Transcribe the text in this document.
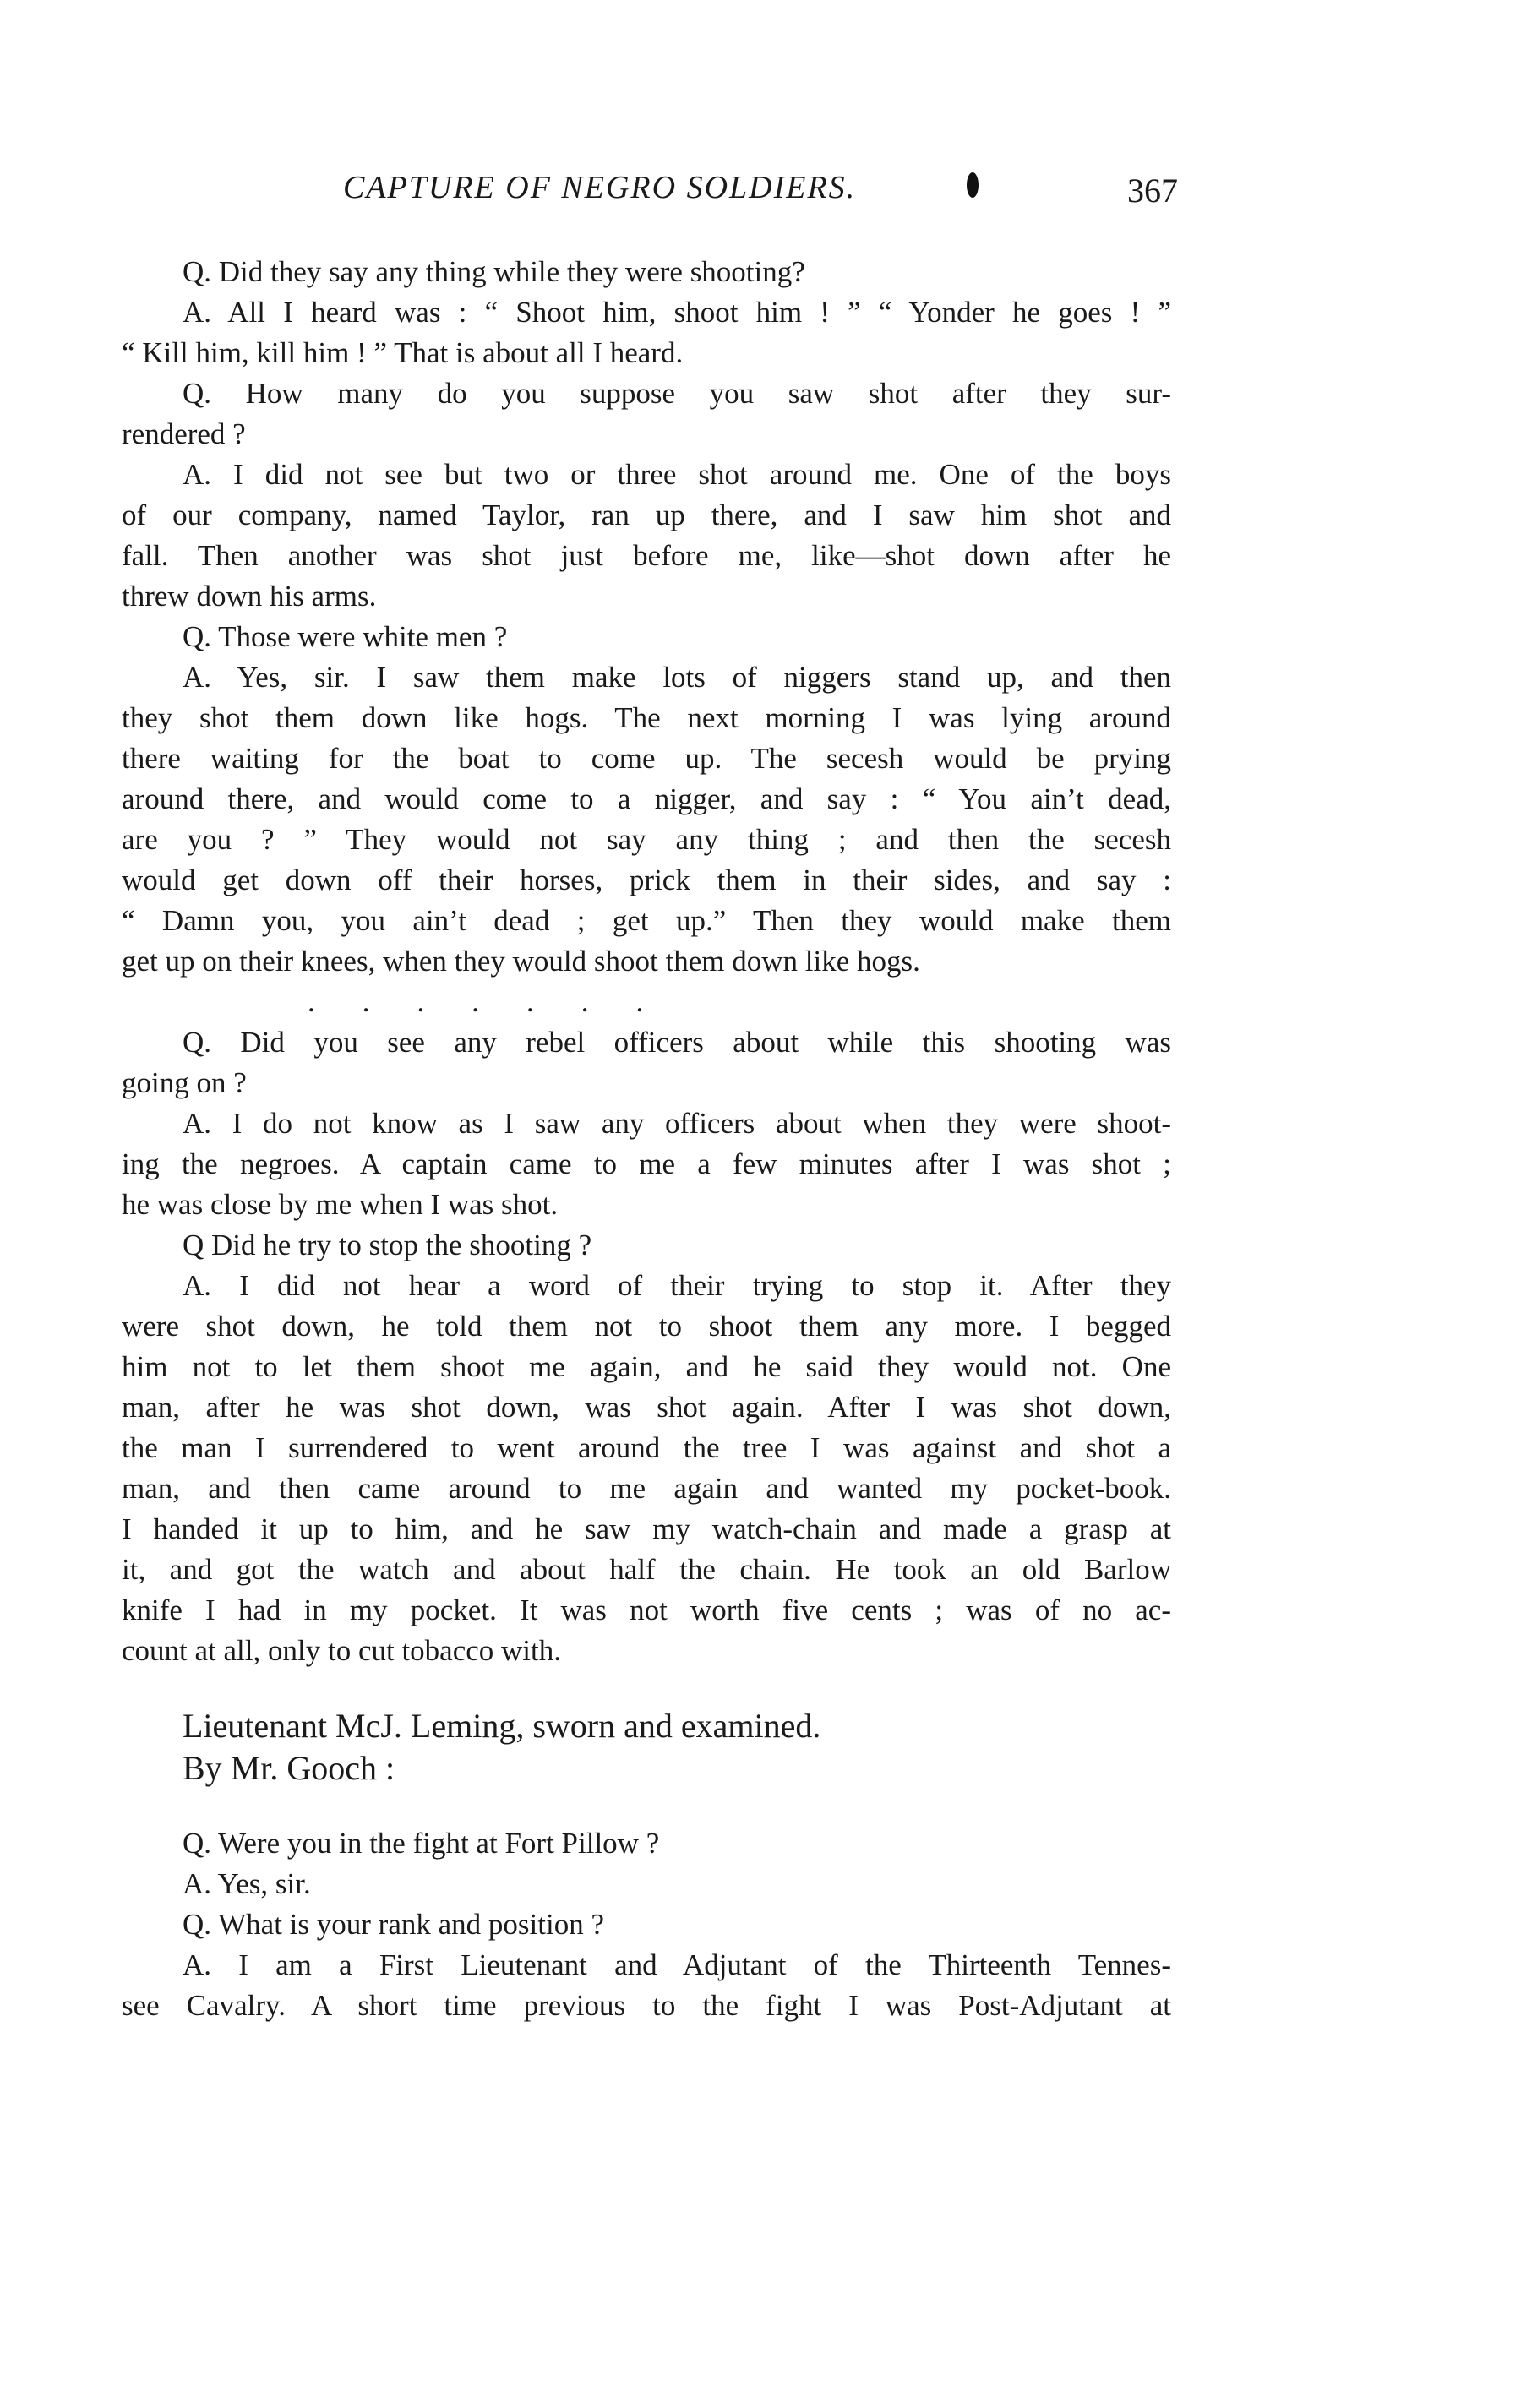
CAPTURE OF NEGRO SOLDIERS.	367
Q. Did they say any thing while they were shooting?
A. All I heard was : “ Shoot him, shoot him ! ” “ Yonder he goes ! ”
“ Kill him, kill him ! ” That is about all I heard.
Q. How many do you suppose you saw shot after they sur-
rendered ?
A. I did not see but two or three shot around me. One of the boys
of our company, named Taylor, ran up there, and I saw him shot and
fall. Then another was shot just before me, like—shot down after he
threw down his arms.
Q. Those were white men ?
A. Yes, sir. I saw them make lots of niggers stand up, and then
they shot them down like hogs. The next morning I was lying around
there waiting for the boat to come up. The secesh would be prying
around there, and would come to a nigger, and say : “ You ain’t dead,
are you ? ” They would not say any thing ; and then the secesh
would get down off their horses, prick them in their sides, and say :
“ Damn you, you ain’t dead ; get up.” Then they would make them
get up on their knees, when they would shoot them down like hogs.
.......
Q. Did you see any rebel officers about while this shooting was
going on ?
A. I do not know as I saw any officers about when they were shoot-
ing the negroes. A captain came to me a few minutes after I was shot ;
he was close by me when I was shot.
Q Did he try to stop the shooting ?
A. I did not hear a word of their trying to stop it. After they
were shot down, he told them not to shoot them any more. I begged
him not to let them shoot me again, and he said they would not. One
man, after he was shot down, was shot again. After I was shot down,
the man I surrendered to went around the tree I was against and shot a
man, and then came around to me again and wanted my pocket-book.
I handed it up to him, and he saw my watch-chain and made a grasp at
it, and got the watch and about half the chain. He took an old Barlow
knife I had in my pocket. It was not worth five cents ; was of no ac-
count at all, only to cut tobacco with.
Lieutenant McJ. Leming, sworn and examined.
By Mr. Gooch :
Q. Were you in the fight at Fort Pillow ?
A. Yes, sir.
Q. What is your rank and position ?
A. I am a First Lieutenant and Adjutant of the Thirteenth Tennes-
see Cavalry. A short time previous to the fight I was Post-Adjutant at
